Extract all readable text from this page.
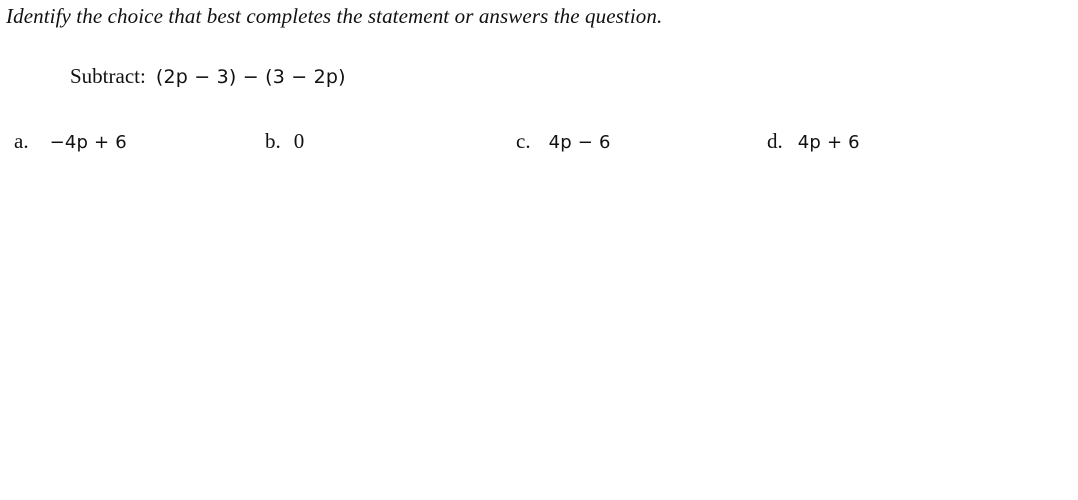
Identify the choice that best completes the statement or answers the question.
Subtract: (2p − 3) − (3 − 2p)
a. −4p + 6	b. 0	c. 4p − 6	d. 4p + 6
